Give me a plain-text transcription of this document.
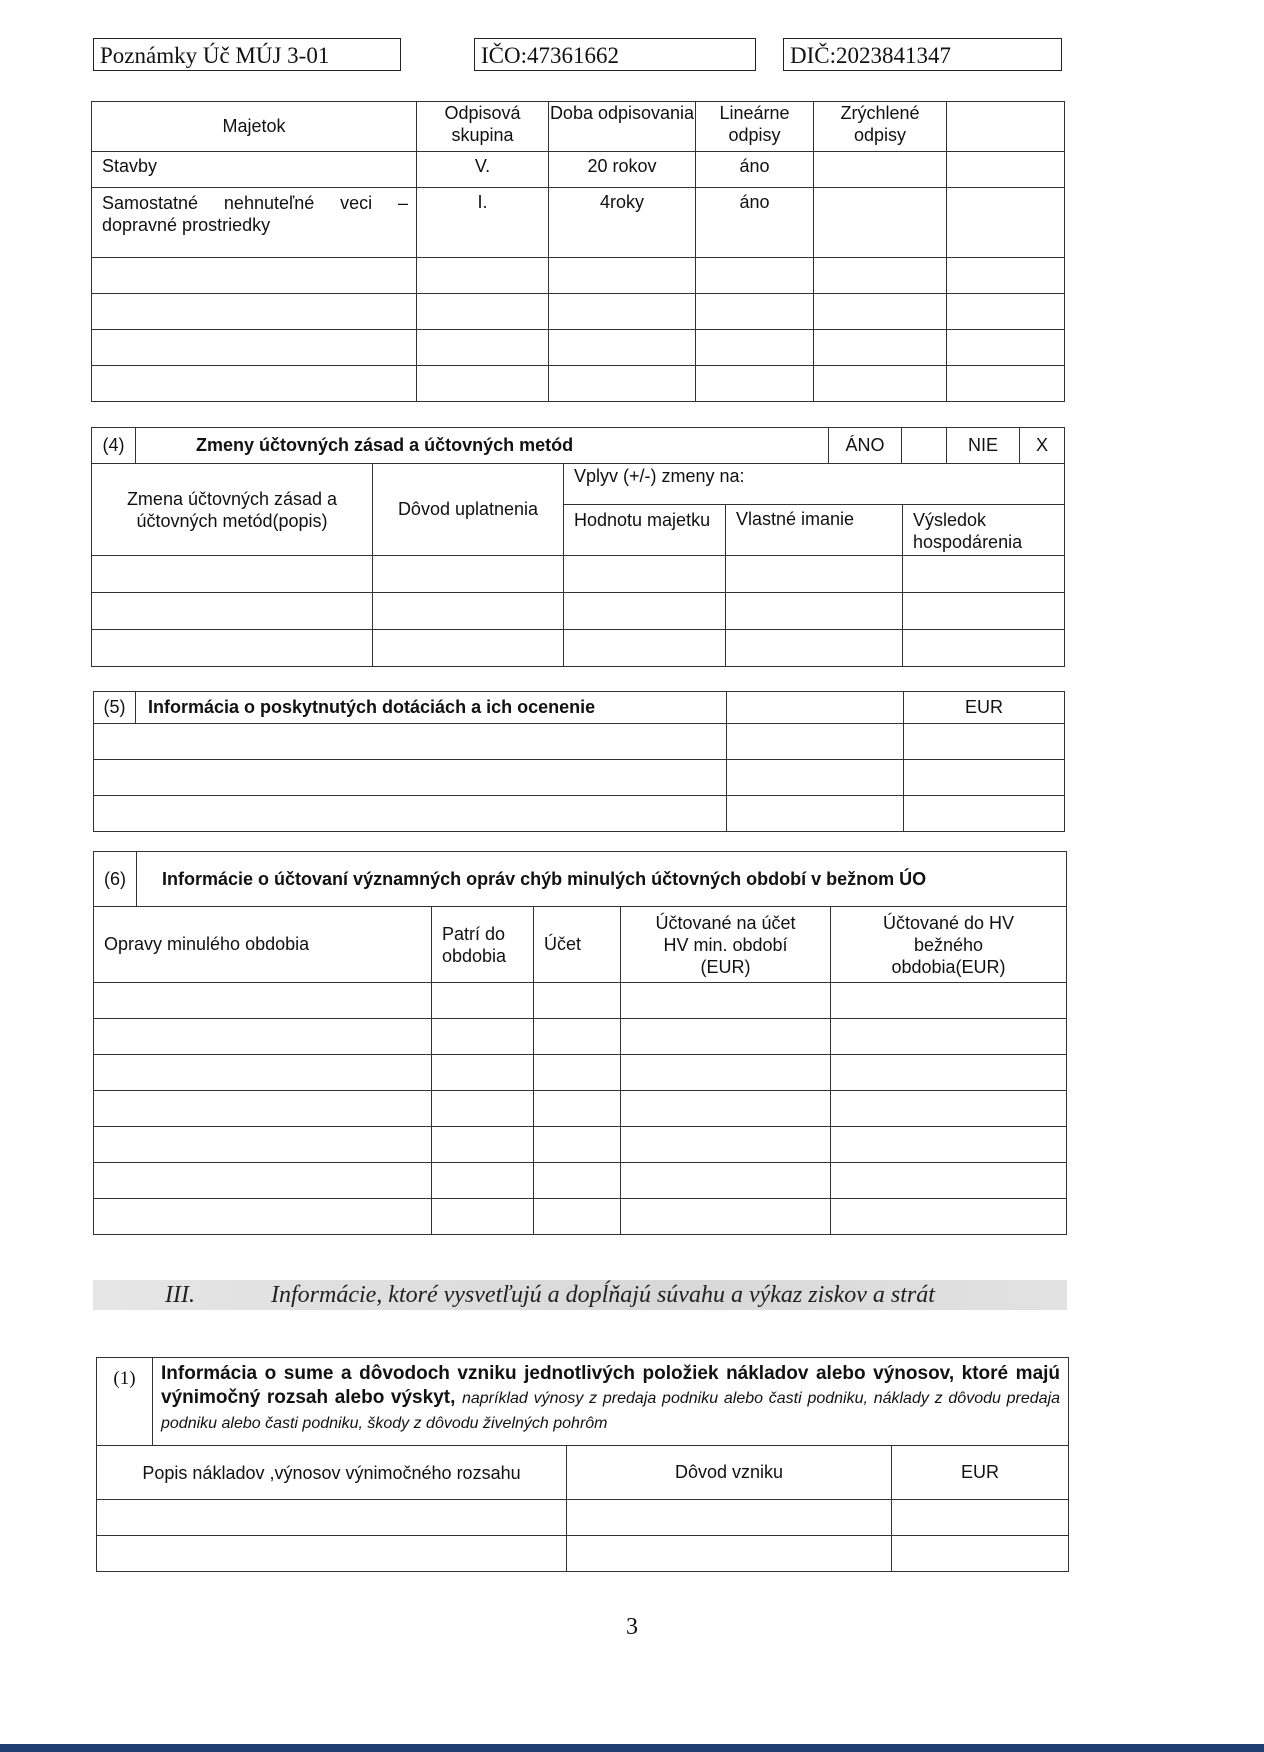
Poznámky Úč MÚJ 3-01	IČO:47361662	DIČ:2023841347
Majetok	Odpisová skupina	Doba odpisovania	Lineárne odpisy	Zrýchlené odpisy	
Stavby	V.	20 rokov	áno		
Samostatné nehnuteľné veci – dopravné prostriedky	I.	4roky	áno		

(4)	Zmeny účtovných zásad a účtovných metód	ÁNO		NIE	X
Zmena účtovných zásad a účtovných metód(popis)	Dôvod uplatnenia	Vplyv (+/-) zmeny na:		
		Hodnotu majetku	Vlastné imanie	Výsledok hospodárenia

(5)	Informácia o poskytnutých dotáciách a ich ocenenie		EUR

(6) Informácie o účtovaní významných opráv chýb minulých účtovných období v bežnom ÚO				
Opravy minulého obdobia	Patrí do obdobia	Účet	Účtované na účet HV min. období (EUR)	Účtované do HV bežného obdobia(EUR)

III.	Informácie, ktoré vysvetľujú a dopĺňajú súvahu a výkaz ziskov a strát
(1)	Informácia o sume a dôvodoch vzniku jednotlivých položiek nákladov alebo výnosov, ktoré majú výnimočný rozsah alebo výskyt, napríklad výnosy z predaja podniku alebo časti podniku, náklady z dôvodu predaja podniku alebo časti podniku, škody z dôvodu živelných pohrôm		
Popis nákladov ,výnosov výnimočného rozsahu		Dôvod vzniku	EUR

3
